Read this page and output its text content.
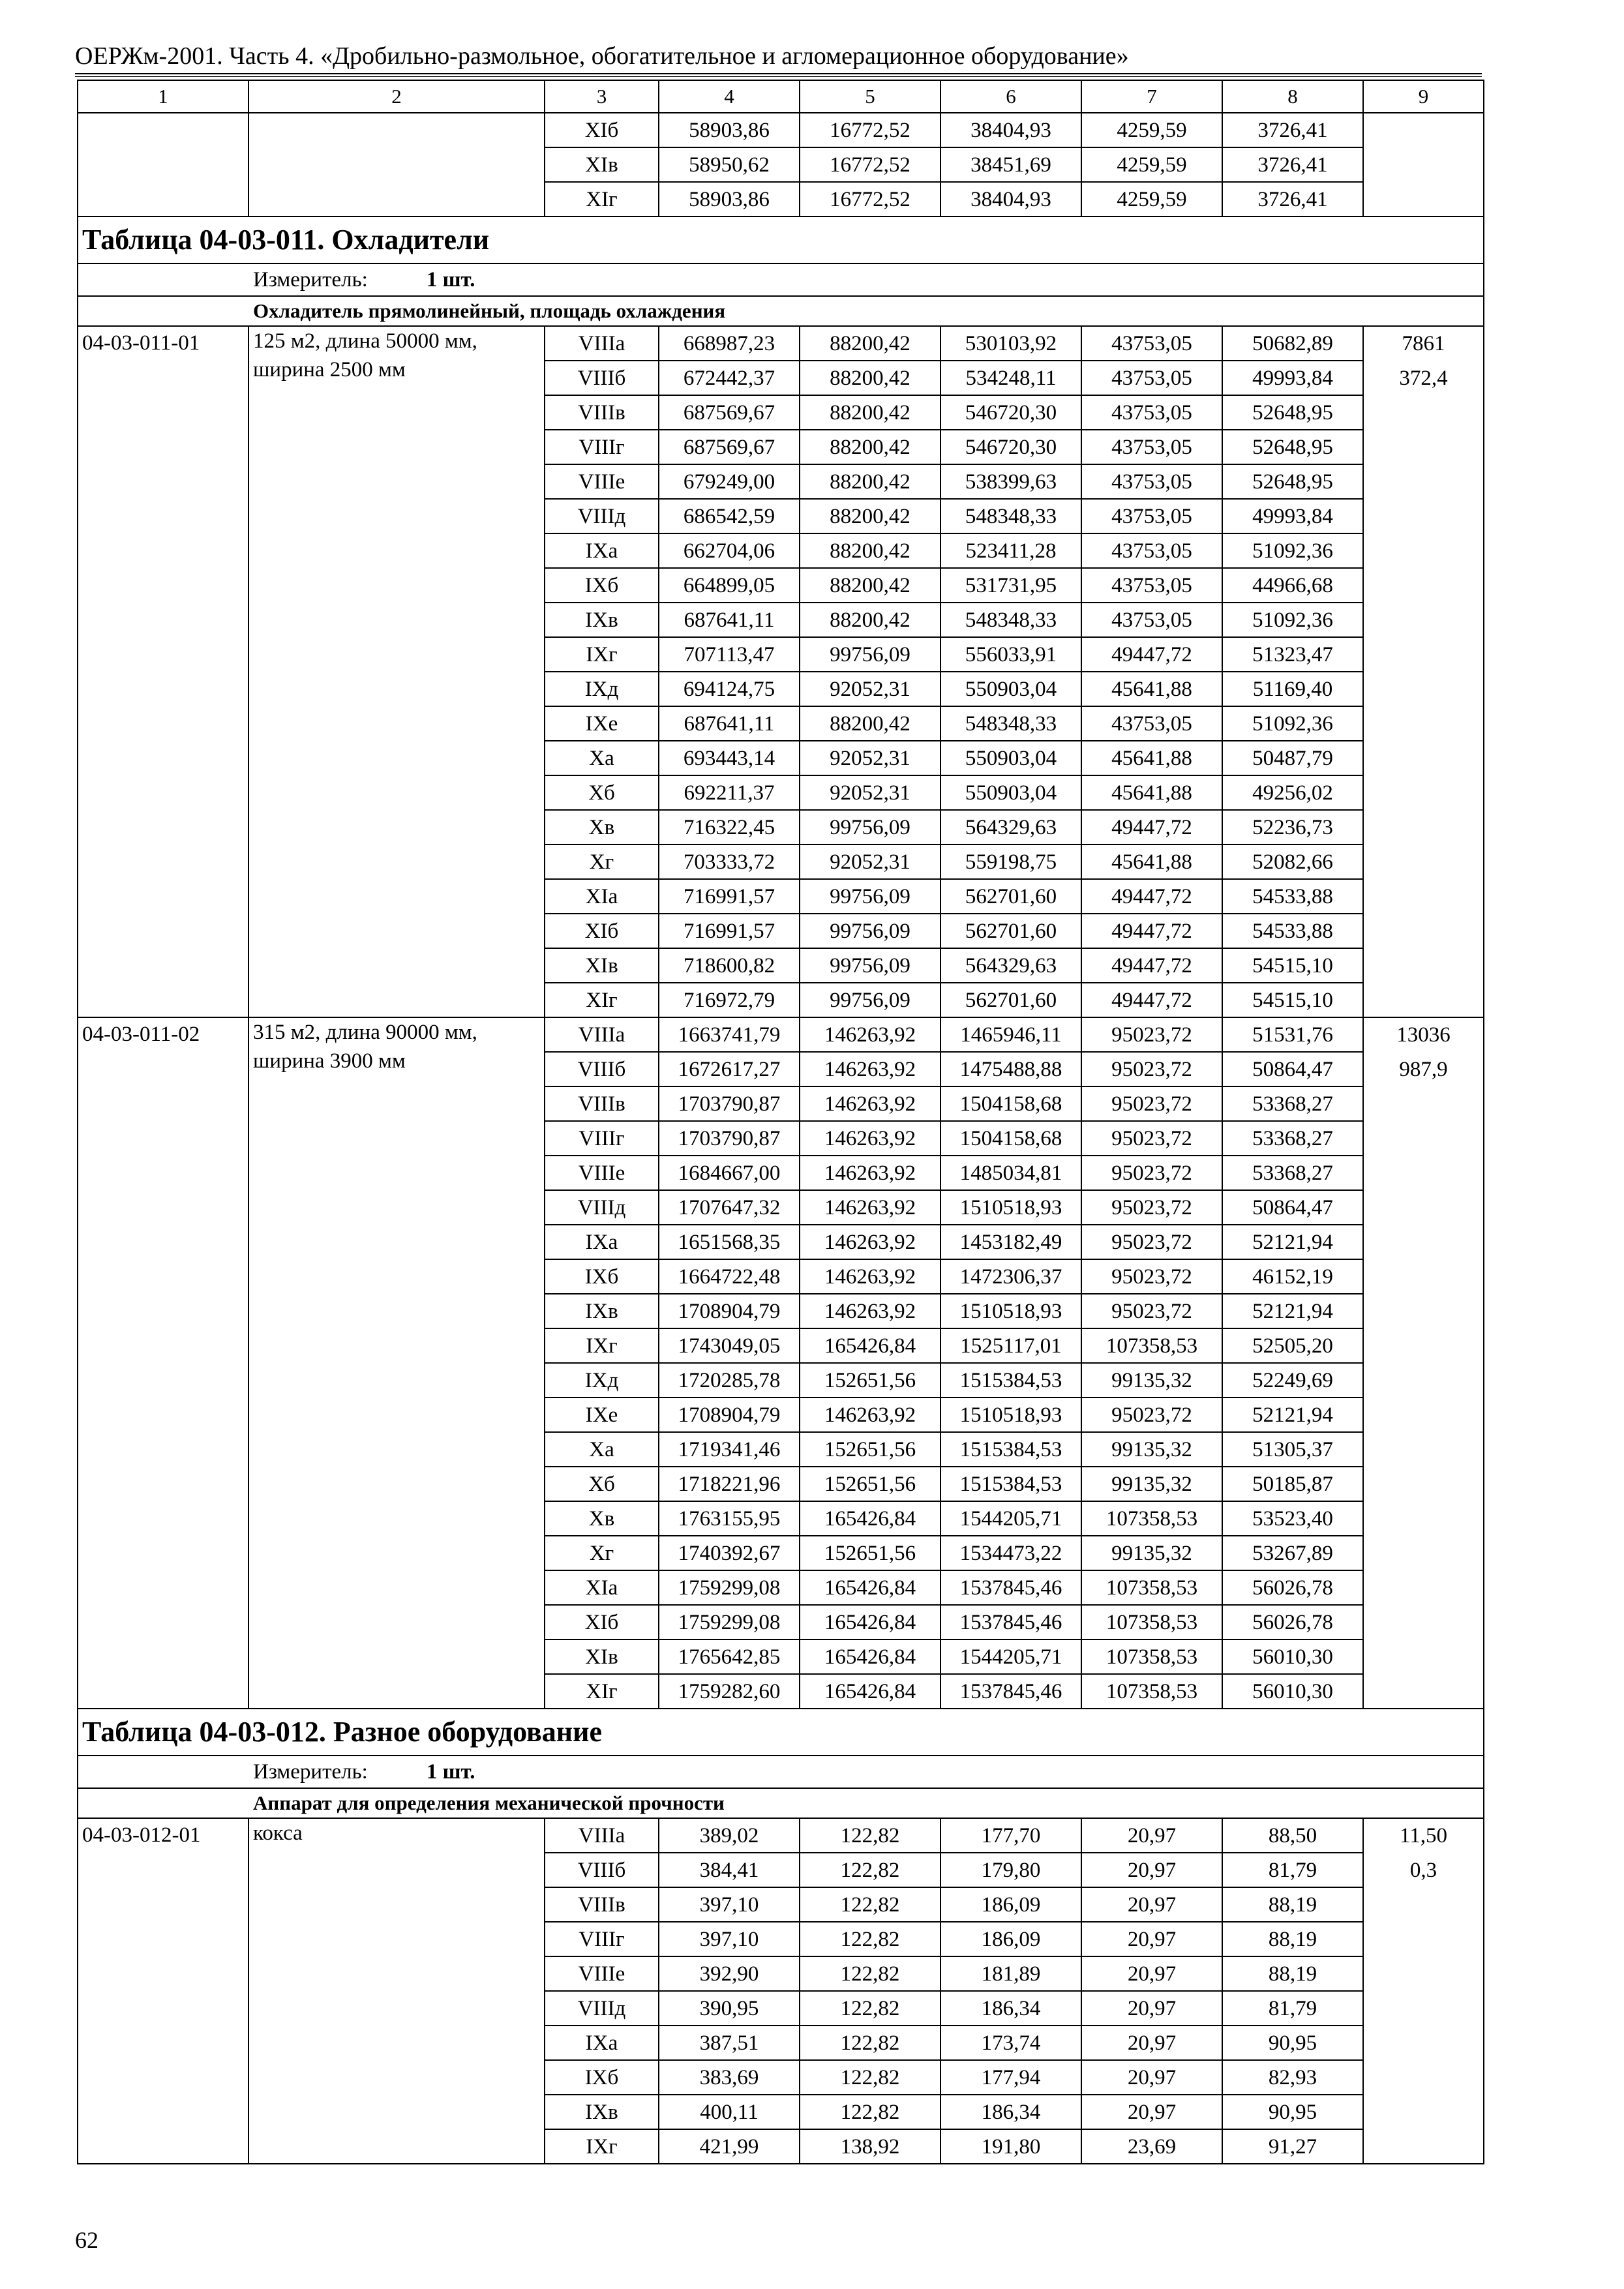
ОЕРЖм-2001. Часть 4. «Дробильно-размольное, обогатительное и агломерационное оборудование»
1	2	3	4	5	6	7	8	9
		XIб	58903,86	16772,52	38404,93	4259,59	3726,41	
		XIв	58950,62	16772,52	38451,69	4259,59	3726,41	
		XIг	58903,86	16772,52	38404,93	4259,59	3726,41	
Таблица 04-03-011. Охладители								
Измеритель: 1 шт.								
Охладитель прямолинейный, площадь охлаждения								
04-03-011-01	125 м2, длина 50000 мм, ширина 2500 мм	VIIIa	668987,23	88200,42	530103,92	43753,05	50682,89	7861
		VIIIб	672442,37	88200,42	534248,11	43753,05	49993,84	372,4
		VIIIв	687569,67	88200,42	546720,30	43753,05	52648,95	
		VIIIг	687569,67	88200,42	546720,30	43753,05	52648,95	
		VIIIe	679249,00	88200,42	538399,63	43753,05	52648,95	
		VIIIд	686542,59	88200,42	548348,33	43753,05	49993,84	
		IXa	662704,06	88200,42	523411,28	43753,05	51092,36	
		IXб	664899,05	88200,42	531731,95	43753,05	44966,68	
		IXв	687641,11	88200,42	548348,33	43753,05	51092,36	
		IXг	707113,47	99756,09	556033,91	49447,72	51323,47	
		IXд	694124,75	92052,31	550903,04	45641,88	51169,40	
		IXe	687641,11	88200,42	548348,33	43753,05	51092,36	
		Xa	693443,14	92052,31	550903,04	45641,88	50487,79	
		Xб	692211,37	92052,31	550903,04	45641,88	49256,02	
		Xв	716322,45	99756,09	564329,63	49447,72	52236,73	
		Xг	703333,72	92052,31	559198,75	45641,88	52082,66	
		XIa	716991,57	99756,09	562701,60	49447,72	54533,88	
		XIб	716991,57	99756,09	562701,60	49447,72	54533,88	
		XIв	718600,82	99756,09	564329,63	49447,72	54515,10	
		XIг	716972,79	99756,09	562701,60	49447,72	54515,10	
04-03-011-02	315 м2, длина 90000 мм, ширина 3900 мм	VIIIa	1663741,79	146263,92	1465946,11	95023,72	51531,76	13036
		VIIIб	1672617,27	146263,92	1475488,88	95023,72	50864,47	987,9
		VIIIв	1703790,87	146263,92	1504158,68	95023,72	53368,27	
		VIIIг	1703790,87	146263,92	1504158,68	95023,72	53368,27	
		VIIIe	1684667,00	146263,92	1485034,81	95023,72	53368,27	
		VIIIд	1707647,32	146263,92	1510518,93	95023,72	50864,47	
		IXa	1651568,35	146263,92	1453182,49	95023,72	52121,94	
		IXб	1664722,48	146263,92	1472306,37	95023,72	46152,19	
		IXв	1708904,79	146263,92	1510518,93	95023,72	52121,94	
		IXг	1743049,05	165426,84	1525117,01	107358,53	52505,20	
		IXд	1720285,78	152651,56	1515384,53	99135,32	52249,69	
		IXe	1708904,79	146263,92	1510518,93	95023,72	52121,94	
		Xa	1719341,46	152651,56	1515384,53	99135,32	51305,37	
		Xб	1718221,96	152651,56	1515384,53	99135,32	50185,87	
		Xв	1763155,95	165426,84	1544205,71	107358,53	53523,40	
		Xг	1740392,67	152651,56	1534473,22	99135,32	53267,89	
		XIa	1759299,08	165426,84	1537845,46	107358,53	56026,78	
		XIб	1759299,08	165426,84	1537845,46	107358,53	56026,78	
		XIв	1765642,85	165426,84	1544205,71	107358,53	56010,30	
		XIг	1759282,60	165426,84	1537845,46	107358,53	56010,30	
Таблица 04-03-012. Разное оборудование								
Измеритель: 1 шт.								
Аппарат для определения механической прочности								
04-03-012-01	кокса	VIIIa	389,02	122,82	177,70	20,97	88,50	11,50
		VIIIб	384,41	122,82	179,80	20,97	81,79	0,3
		VIIIв	397,10	122,82	186,09	20,97	88,19	
		VIIIг	397,10	122,82	186,09	20,97	88,19	
		VIIIe	392,90	122,82	181,89	20,97	88,19	
		VIIIд	390,95	122,82	186,34	20,97	81,79	
		IXa	387,51	122,82	173,74	20,97	90,95	
		IXб	383,69	122,82	177,94	20,97	82,93	
		IXв	400,11	122,82	186,34	20,97	90,95	
		IXг	421,99	138,92	191,80	23,69	91,27	
62
